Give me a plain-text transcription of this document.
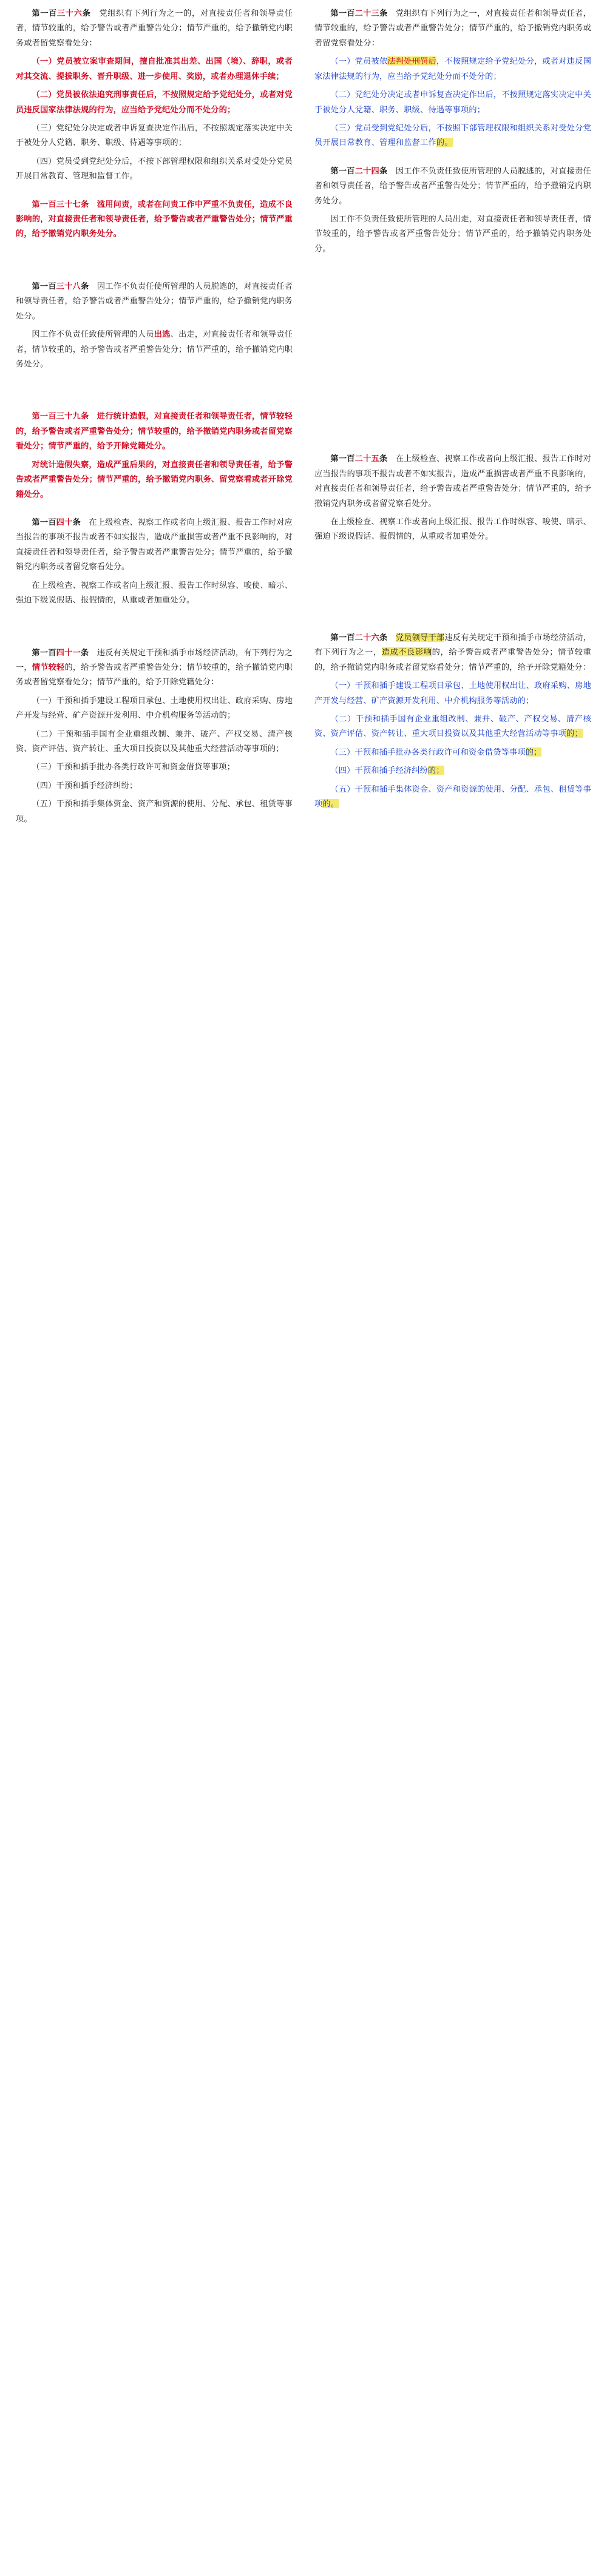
第一百三十六条　党组织有下列行为之一的，对直接责任者和领导责任者，情节较重的，给予警告或者严重警告处分；情节严重的，给予撤销党内职务或者留党察看处分：

（一）党员被立案审查期间，擅自批准其出差、出国（境）、辞职，或者对其交流、提拔职务、晋升职级、进一步使用、奖励，或者办理退休手续；

（二）党员被依法追究刑事责任后，不按照规定给予党纪处分，或者对党员违反国家法律法规的行为，应当给予党纪处分而不处分的；

（三）党纪处分决定或者申诉复查决定作出后，不按照规定落实决定中关于被处分人党籍、职务、职级、待遇等事项的；

（四）党员受到党纪处分后，不按下部管理权限和组织关系对受处分党员开展日常教育、管理和监督工作。

第一百三十七条　滥用问责，或者在问责工作中严重不负责任，造成不良影响的，对直接责任者和领导责任者，给予警告或者严重警告处分；情节严重的，给予撤销党内职务处分。

第一百三十八条　因工作不负责任使所管理的人员脱逃的，对直接责任者和领导责任者，给予警告或者严重警告处分；情节严重的，给予撤销党内职务处分。

因工作不负责任致使所管理的人员出逃、出走，对直接责任者和领导责任者，情节较重的，给予警告或者严重警告处分；情节严重的，给予撤销党内职务处分。

第一百三十九条　进行统计造假，对直接责任者和领导责任者，情节较轻的，给予警告或者严重警告处分；情节较重的，给予撤销党内职务或者留党察看处分；情节严重的，给予开除党籍处分。

对统计造假失察，造成严重后果的，对直接责任者和领导责任者，给予警告或者严重警告处分；情节严重的，给予撤销党内职务、留党察看或者开除党籍处分。

第一百四十条　在上级检查、视察工作或者向上级汇报、报告工作时对应当报告的事项不报告或者不如实报告，造成严重损害或者严重不良影响的，对直接责任者和领导责任者，给予警告或者严重警告处分；情节严重的，给予撤销党内职务或者留党察看处分。

在上级检查、视察工作或者向上级汇报、报告工作时纵容、唆使、暗示、强迫下级说假话、报假情的，从重或者加重处分。

第一百四十一条　违反有关规定干预和插手市场经济活动，有下列行为之一，情节较轻的，给予警告或者严重警告处分；情节较重的，给予撤销党内职务或者留党察看处分；情节严重的，给予开除党籍处分：

（一）干预和插手建设工程项目承包、土地使用权出让、政府采购、房地产开发与经营、矿产资源开发利用、中介机构服务等活动的；

（二）干预和插手国有企业重组改制、兼并、破产、产权交易、清产核资、资产评估、资产转让、重大项目投资以及其他重大经营活动等事项的；

（三）干预和插手批办各类行政许可和资金借贷等事项；

（四）干预和插手经济纠纷；

（五）干预和插手集体资金、资产和资源的使用、分配、承包、租赁等事项。

第一百二十三条　党组织有下列行为之一，对直接责任者和领导责任者，情节较重的，给予警告或者严重警告处分；情节严重的，给予撤销党内职务或者留党察看处分：

（一）党员被依法判处刑罚后，不按照规定给予党纪处分，或者对违反国家法律法规的行为，应当给予党纪处分而不处分的；

（二）党纪处分决定或者申诉复查决定作出后，不按照规定落实决定中关于被处分人党籍、职务、职级、待遇等事项的；

（三）党员受到党纪处分后，不按照下部管理权限和组织关系对受处分党员开展日常教育、管理和监督工作的。

第一百二十四条　因工作不负责任致使所管理的人员脱逃的，对直接责任者和领导责任者，给予警告或者严重警告处分；情节严重的，给予撤销党内职务处分。

因工作不负责任致使所管理的人员出走，对直接责任者和领导责任者，情节较重的，给予警告或者严重警告处分；情节严重的，给予撤销党内职务处分。

第一百二十五条　在上级检查、视察工作或者向上级汇报、报告工作时对应当报告的事项不报告或者不如实报告，造成严重损害或者严重不良影响的，对直接责任者和领导责任者，给予警告或者严重警告处分；情节严重的，给予撤销党内职务或者留党察看处分。

在上级检查、视察工作或者向上级汇报、报告工作时纵容、唆使、暗示、强迫下级说假话、报假情的，从重或者加重处分。

第一百二十六条　党员领导干部违反有关规定干预和插手市场经济活动，有下列行为之一，造成不良影响的，给予警告或者严重警告处分；情节较重的，给予撤销党内职务或者留党察看处分；情节严重的，给予开除党籍处分：

（一）干预和插手建设工程项目承包、土地使用权出让、政府采购、房地产开发与经营、矿产资源开发利用、中介机构服务等活动的；

（二）干预和插手国有企业重组改制、兼并、破产、产权交易、清产核资、资产评估、资产转让、重大项目投资以及其他重大经营活动等事项的；

（三）干预和插手批办各类行政许可和资金借贷等事项的；

（四）干预和插手经济纠纷的；

（五）干预和插手集体资金、资产和资源的使用、分配、承包、租赁等事项的。
